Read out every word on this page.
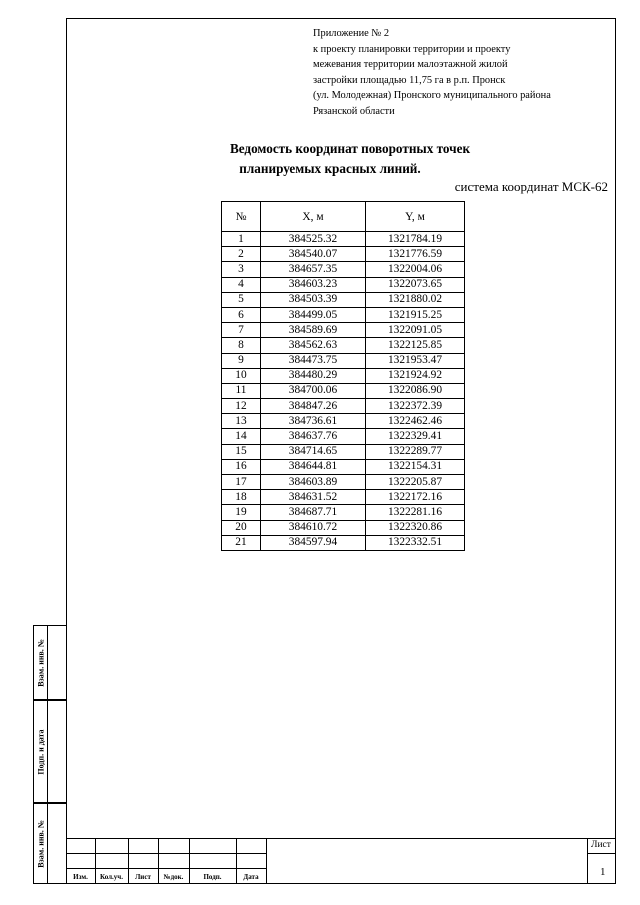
Взам. инв. №
Подп. и дата
Взам. инв. №
Приложение № 2
к проекту планировки территории и проекту
межевания территории малоэтажной жилой
застройки площадью 11,75 га в р.п. Пронск
(ул. Молодежная) Пронского муниципального района
Рязанской области
Ведомость координат поворотных точек
планируемых красных линий.
система координат МСК-62
№	X, м	Y, м
1	384525.32	1321784.19
2	384540.07	1321776.59
3	384657.35	1322004.06
4	384603.23	1322073.65
5	384503.39	1321880.02
6	384499.05	1321915.25
7	384589.69	1322091.05
8	384562.63	1322125.85
9	384473.75	1321953.47
10	384480.29	1321924.92
11	384700.06	1322086.90
12	384847.26	1322372.39
13	384736.61	1322462.46
14	384637.76	1322329.41
15	384714.65	1322289.77
16	384644.81	1322154.31
17	384603.89	1322205.87
18	384631.52	1322172.16
19	384687.71	1322281.16
20	384610.72	1322320.86
21	384597.94	1322332.51
Изм.	Кол.уч.	Лист	№док.	Подп.	Дата
Лист
1
